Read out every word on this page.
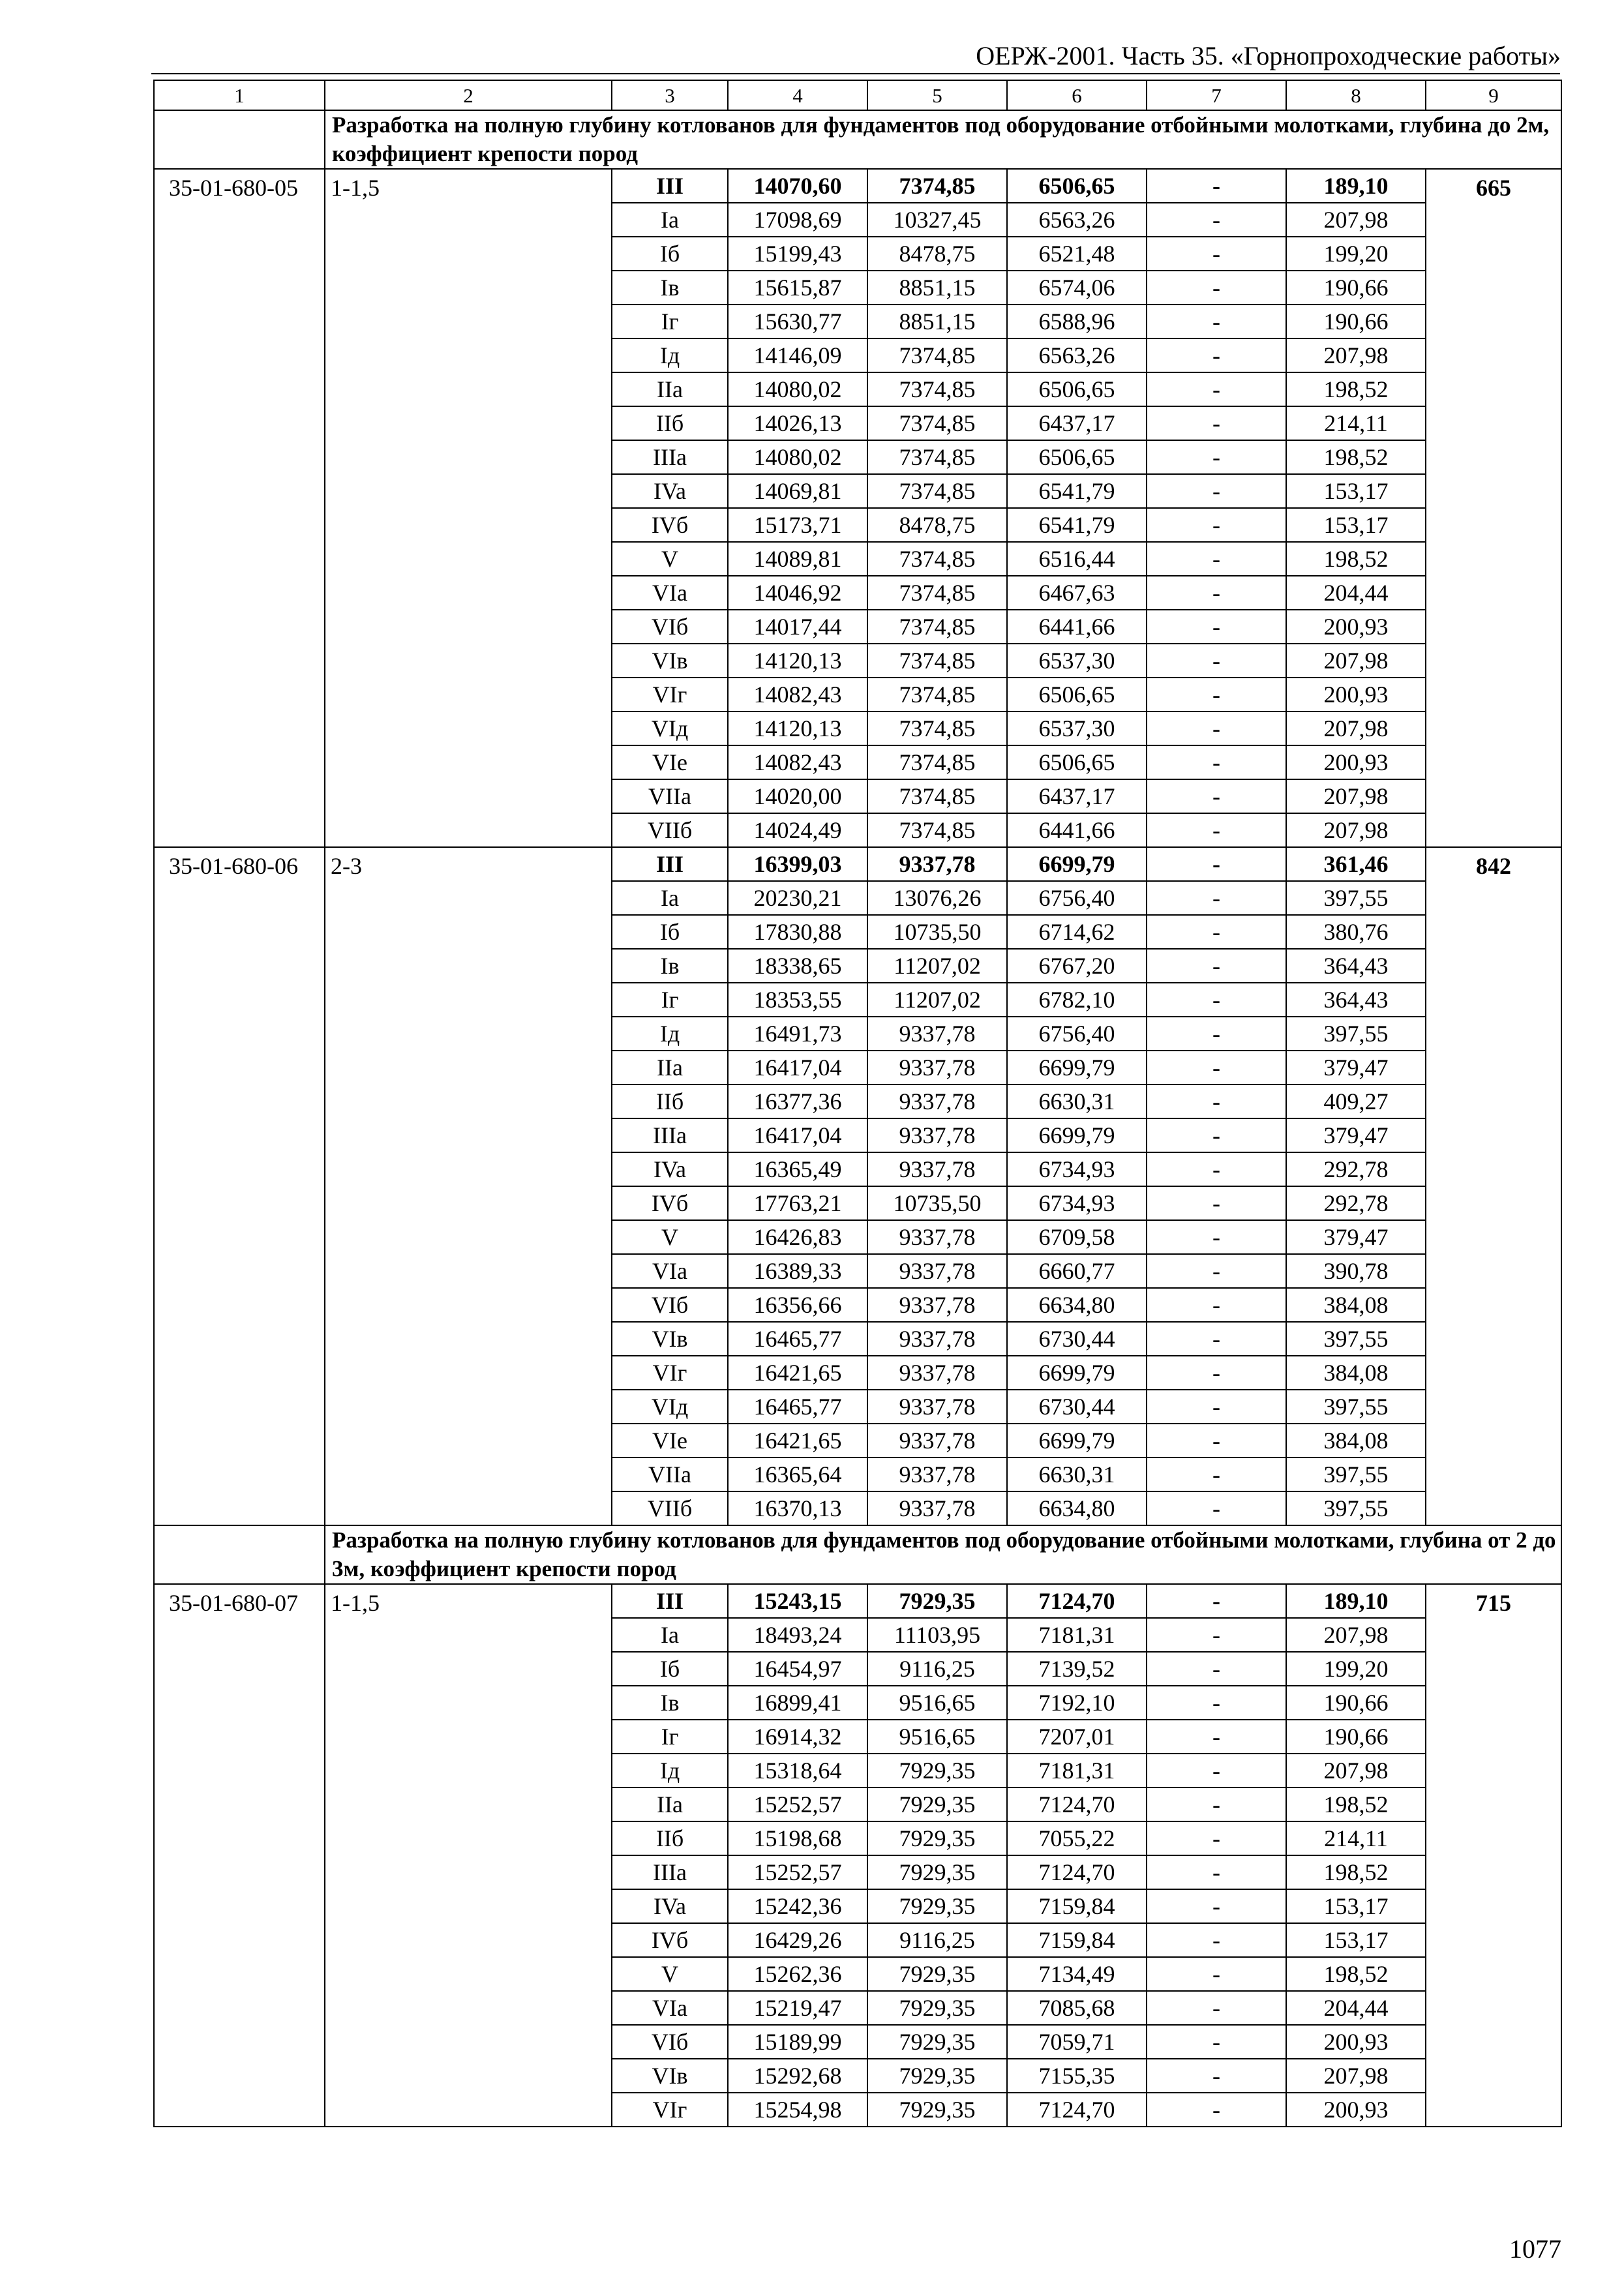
ОЕРЖ-2001. Часть 35. «Горнопроходческие работы»
1	2	3	4	5	6	7	8	9
	Разработка на полную глубину котлованов для фундаментов под оборудование отбойными молотками, глубина до 2м, коэффициент крепости пород							
35-01-680-05	1-1,5	III	14070,60	7374,85	6506,65	-	189,10	665
		Ia	17098,69	10327,45	6563,26	-	207,98	
		Iб	15199,43	8478,75	6521,48	-	199,20	
		Iв	15615,87	8851,15	6574,06	-	190,66	
		Iг	15630,77	8851,15	6588,96	-	190,66	
		Iд	14146,09	7374,85	6563,26	-	207,98	
		IIa	14080,02	7374,85	6506,65	-	198,52	
		IIб	14026,13	7374,85	6437,17	-	214,11	
		IIIa	14080,02	7374,85	6506,65	-	198,52	
		IVa	14069,81	7374,85	6541,79	-	153,17	
		IVб	15173,71	8478,75	6541,79	-	153,17	
		V	14089,81	7374,85	6516,44	-	198,52	
		VIa	14046,92	7374,85	6467,63	-	204,44	
		VIб	14017,44	7374,85	6441,66	-	200,93	
		VIв	14120,13	7374,85	6537,30	-	207,98	
		VIг	14082,43	7374,85	6506,65	-	200,93	
		VIд	14120,13	7374,85	6537,30	-	207,98	
		VIe	14082,43	7374,85	6506,65	-	200,93	
		VIIa	14020,00	7374,85	6437,17	-	207,98	
		VIIб	14024,49	7374,85	6441,66	-	207,98	
35-01-680-06	2-3	III	16399,03	9337,78	6699,79	-	361,46	842
		Ia	20230,21	13076,26	6756,40	-	397,55	
		Iб	17830,88	10735,50	6714,62	-	380,76	
		Iв	18338,65	11207,02	6767,20	-	364,43	
		Iг	18353,55	11207,02	6782,10	-	364,43	
		Iд	16491,73	9337,78	6756,40	-	397,55	
		IIa	16417,04	9337,78	6699,79	-	379,47	
		IIб	16377,36	9337,78	6630,31	-	409,27	
		IIIa	16417,04	9337,78	6699,79	-	379,47	
		IVa	16365,49	9337,78	6734,93	-	292,78	
		IVб	17763,21	10735,50	6734,93	-	292,78	
		V	16426,83	9337,78	6709,58	-	379,47	
		VIa	16389,33	9337,78	6660,77	-	390,78	
		VIб	16356,66	9337,78	6634,80	-	384,08	
		VIв	16465,77	9337,78	6730,44	-	397,55	
		VIг	16421,65	9337,78	6699,79	-	384,08	
		VIд	16465,77	9337,78	6730,44	-	397,55	
		VIe	16421,65	9337,78	6699,79	-	384,08	
		VIIa	16365,64	9337,78	6630,31	-	397,55	
		VIIб	16370,13	9337,78	6634,80	-	397,55	
	Разработка на полную глубину котлованов для фундаментов под оборудование отбойными молотками, глубина от 2 до 3м, коэффициент крепости пород							
35-01-680-07	1-1,5	III	15243,15	7929,35	7124,70	-	189,10	715
		Ia	18493,24	11103,95	7181,31	-	207,98	
		Iб	16454,97	9116,25	7139,52	-	199,20	
		Iв	16899,41	9516,65	7192,10	-	190,66	
		Iг	16914,32	9516,65	7207,01	-	190,66	
		Iд	15318,64	7929,35	7181,31	-	207,98	
		IIa	15252,57	7929,35	7124,70	-	198,52	
		IIб	15198,68	7929,35	7055,22	-	214,11	
		IIIa	15252,57	7929,35	7124,70	-	198,52	
		IVa	15242,36	7929,35	7159,84	-	153,17	
		IVб	16429,26	9116,25	7159,84	-	153,17	
		V	15262,36	7929,35	7134,49	-	198,52	
		VIa	15219,47	7929,35	7085,68	-	204,44	
		VIб	15189,99	7929,35	7059,71	-	200,93	
		VIв	15292,68	7929,35	7155,35	-	207,98	
		VIг	15254,98	7929,35	7124,70	-	200,93	
1077
